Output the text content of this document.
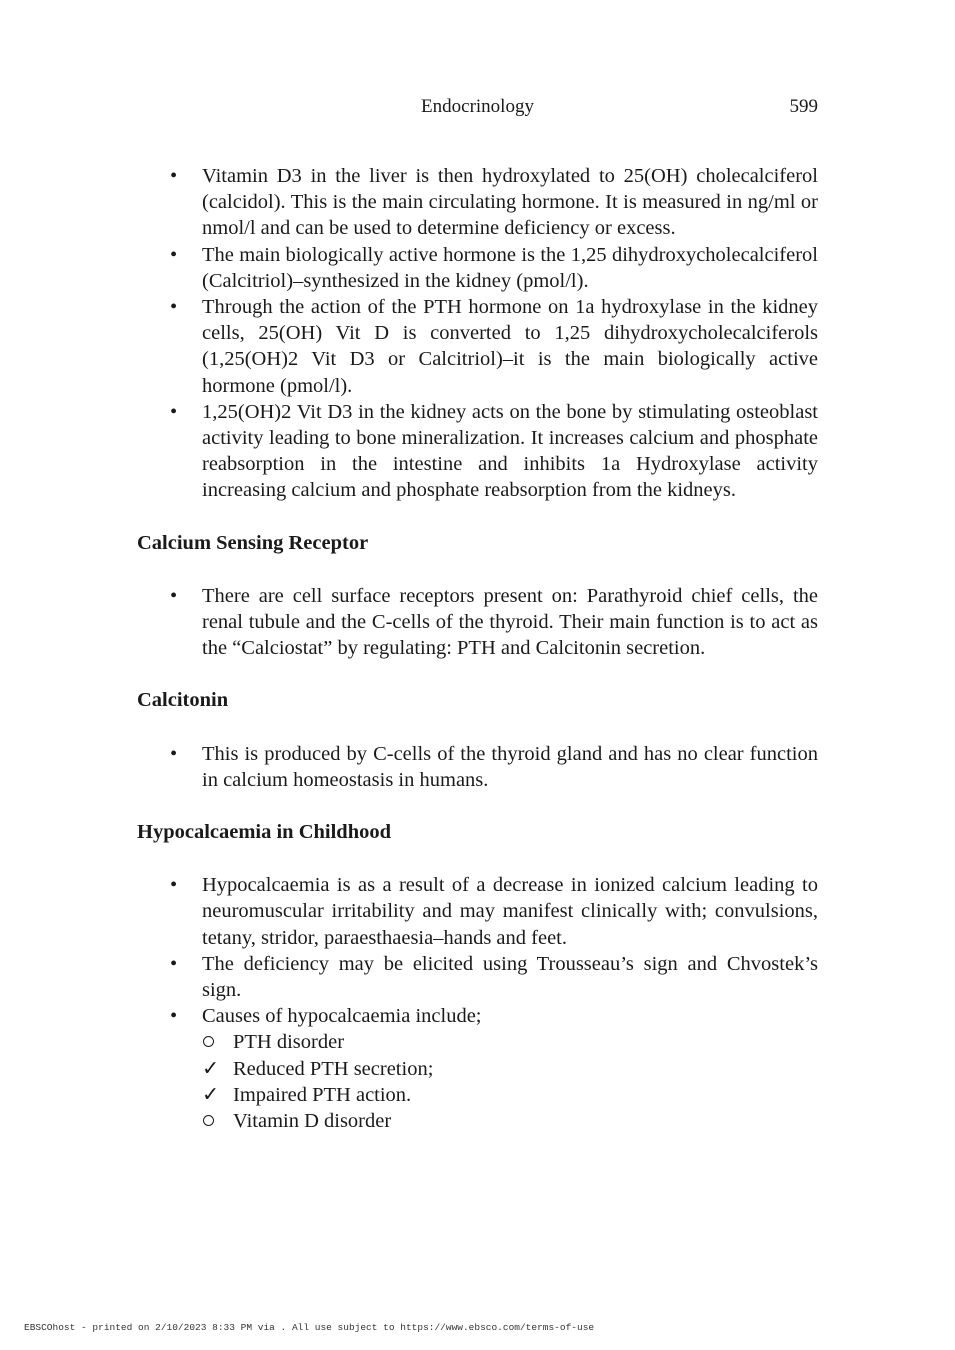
Endocrinology	599
• Vitamin D3 in the liver is then hydroxylated to 25(OH) cholecalciferol (calcidol). This is the main circulating hormone. It is measured in ng/ml or nmol/l and can be used to determine deficiency or excess.
• The main biologically active hormone is the 1,25 dihydroxycholecalciferol (Calcitriol)–synthesized in the kidney (pmol/l).
• Through the action of the PTH hormone on 1a hydroxylase in the kidney cells, 25(OH) Vit D is converted to 1,25 dihydroxycholecalciferols (1,25(OH)2 Vit D3 or Calcitriol)–it is the main biologically active hormone (pmol/l).
• 1,25(OH)2 Vit D3 in the kidney acts on the bone by stimulating osteoblast activity leading to bone mineralization. It increases calcium and phosphate reabsorption in the intestine and inhibits 1a Hydroxylase activity increasing calcium and phosphate reabsorption from the kidneys.
Calcium Sensing Receptor
• There are cell surface receptors present on: Parathyroid chief cells, the renal tubule and the C-cells of the thyroid. Their main function is to act as the “Calciostat” by regulating: PTH and Calcitonin secretion.
Calcitonin
• This is produced by C-cells of the thyroid gland and has no clear function in calcium homeostasis in humans.
Hypocalcaemia in Childhood
• Hypocalcaemia is as a result of a decrease in ionized calcium leading to neuromuscular irritability and may manifest clinically with; convulsions, tetany, stridor, paraesthaesia–hands and feet.
• The deficiency may be elicited using Trousseau’s sign and Chvostek’s sign.
• Causes of hypocalcaemia include;
PTH disorder
✓ Reduced PTH secretion;
✓ Impaired PTH action.
Vitamin D disorder
EBSCOhost - printed on 2/10/2023 8:33 PM via . All use subject to https://www.ebsco.com/terms-of-use
